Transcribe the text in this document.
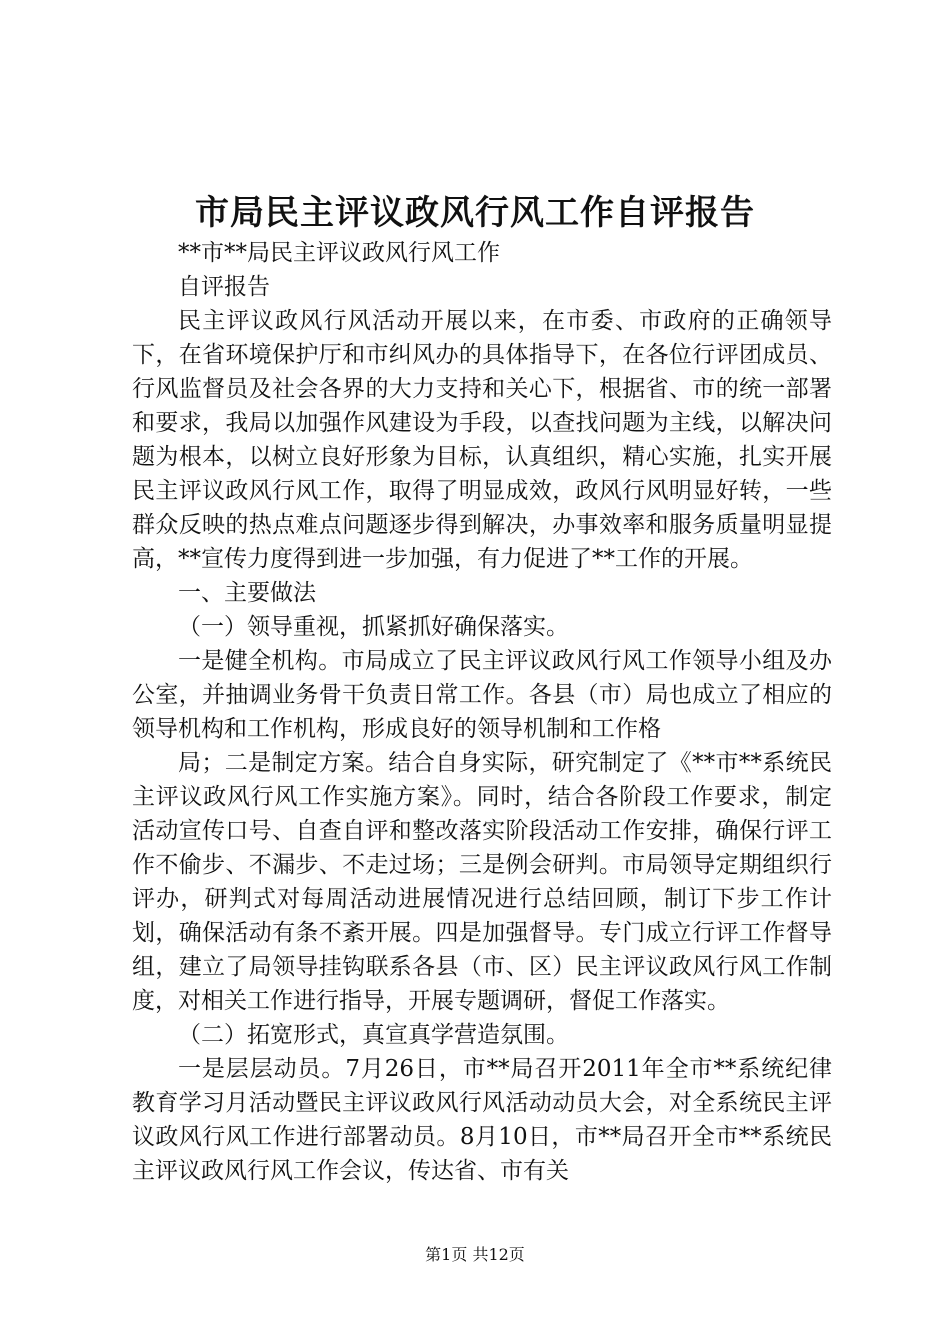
市局民主评议政风行风工作自评报告

**市**局民主评议政风行风工作

自评报告

民主评议政风行风活动开展以来，在市委、市政府的正确领导下，在省环境保护厅和市纠风办的具体指导下，在各位行评团成员、行风监督员及社会各界的大力支持和关心下，根据省、市的统一部署和要求，我局以加强作风建设为手段，以查找问题为主线，以解决问题为根本，以树立良好形象为目标，认真组织，精心实施，扎实开展民主评议政风行风工作，取得了明显成效，政风行风明显好转，一些群众反映的热点难点问题逐步得到解决，办事效率和服务质量明显提高，**宣传力度得到进一步加强，有力促进了**工作的开展。

一、主要做法

（一）领导重视，抓紧抓好确保落实。

一是健全机构。市局成立了民主评议政风行风工作领导小组及办公室，并抽调业务骨干负责日常工作。各县（市）局也成立了相应的领导机构和工作机构，形成良好的领导机制和工作格

局；二是制定方案。结合自身实际，研究制定了《**市**系统民主评议政风行风工作实施方案》。同时，结合各阶段工作要求，制定活动宣传口号、自查自评和整改落实阶段活动工作安排，确保行评工作不偷步、不漏步、不走过场；三是例会研判。市局领导定期组织行评办，研判式对每周活动进展情况进行总结回顾，制订下步工作计划，确保活动有条不紊开展。四是加强督导。专门成立行评工作督导组，建立了局领导挂钩联系各县（市、区）民主评议政风行风工作制度，对相关工作进行指导，开展专题调研，督促工作落实。

（二）拓宽形式，真宣真学营造氛围。

一是层层动员。7月26日，市**局召开2011年全市**系统纪律教育学习月活动暨民主评议政风行风活动动员大会，对全系统民主评议政风行风工作进行部署动员。8月10日，市**局召开全市**系统民主评议政风行风工作会议，传达省、市有关

第1页 共12页
